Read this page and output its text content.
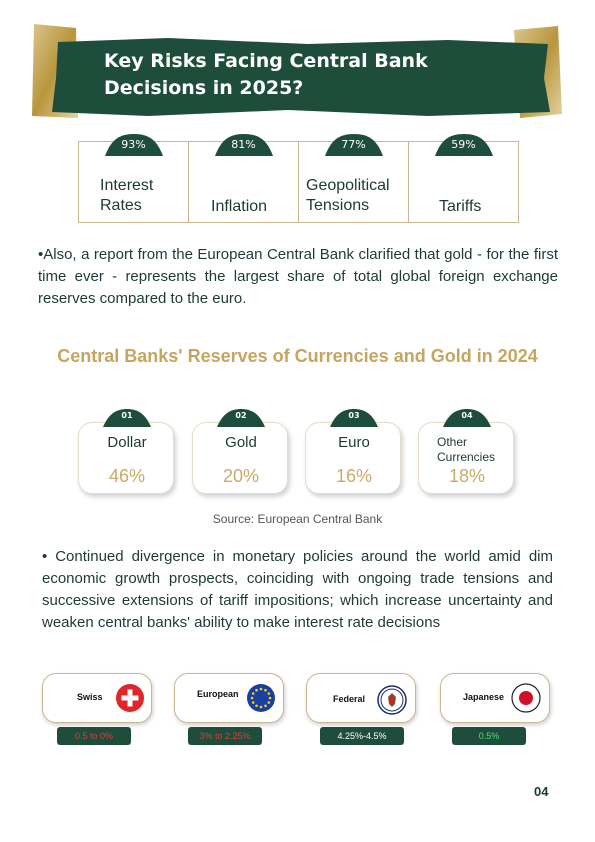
Key Risks Facing Central Bank Decisions in 2025?
93%
Interest
Rates
81%
Inflation
77%
Geopolitical
Tensions
59%
Tariffs
•Also, a report from the European Central Bank clarified that gold - for the first time ever - represents the largest share of total global foreign exchange reserves compared to the euro.
Central Banks' Reserves of Currencies and Gold in 2024
01
Dollar
46%
02
Gold
20%
03
Euro
16%
04
Other
Currencies
18%
Source: European Central Bank
• Continued divergence in monetary policies around the world amid dim economic growth prospects, coinciding with ongoing trade tensions and successive extensions of tariff impositions; which increase uncertainty and weaken central banks' ability to make interest rate decisions
Swiss
0.5 to 0%
European
3% to 2.25%
Federal
4.25%-4.5%
Japanese
0.5%
04
